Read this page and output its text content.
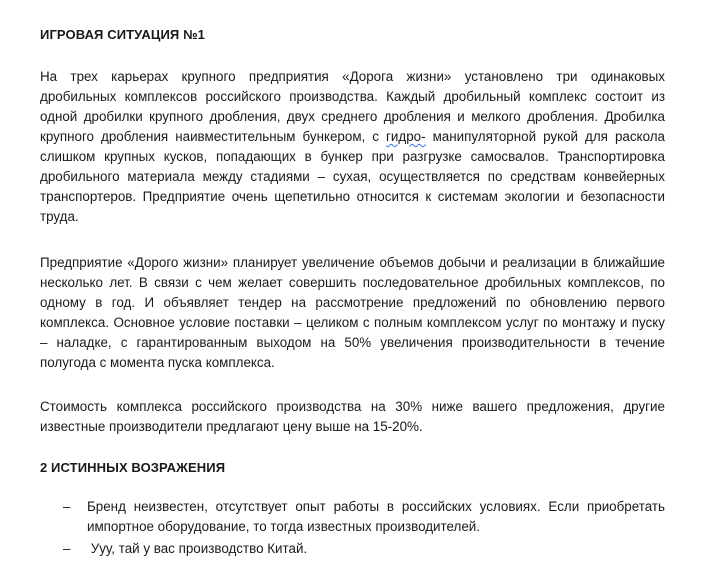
ИГРОВАЯ СИТУАЦИЯ №1
На трех карьерах крупного предприятия «Дорога жизни» установлено три одинаковых
дробильных комплексов российского производства. Каждый дробильный комплекс состоит из
одной дробилки крупного дробления, двух среднего дробления и мелкого дробления. Дробилка
крупного дробления наивместительным бункером, с гидро- манипуляторной рукой для раскола
слишком крупных кусков, попадающих в бункер при разгрузке самосвалов. Транспортировка
дробильного материала между стадиями – сухая, осуществляется по средствам конвейерных
транспортеров. Предприятие очень щепетильно относится к системам экологии и безопасности
труда.
Предприятие «Дорого жизни» планирует увеличение объемов добычи и реализации в ближайшие
несколько лет. В связи с чем желает совершить последовательное дробильных комплексов, по
одному в год. И объявляет тендер на рассмотрение предложений по обновлению первого
комплекса. Основное условие поставки – целиком с полным комплексом услуг по монтажу и пуску
– наладке, с гарантированным выходом на 50% увеличения производительности в течение
полугода с момента пуска комплекса.
Стоимость комплекса российского производства на 30% ниже вашего предложения, другие
известные производители предлагают цену выше на 15-20%.
2 ИСТИННЫХ ВОЗРАЖЕНИЯ
– Бренд неизвестен, отсутствует опыт работы в российских условиях. Если приобретать
импортное оборудование, то тогда известных производителей.
– Ууу, тай у вас производство Китай.
